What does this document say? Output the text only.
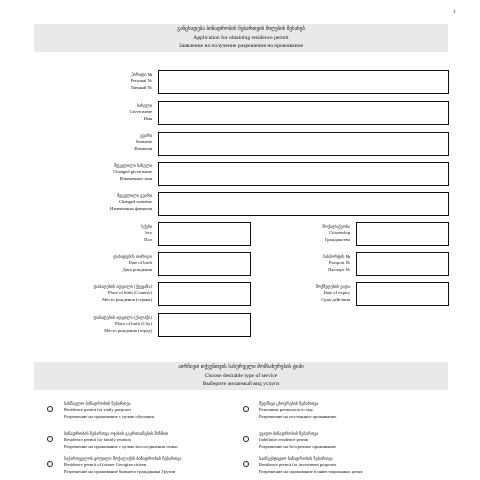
1
განცხადება ბინადრობის ნებართვის მიღების შესახებ
Application for obtaining residence permit
Заявление на получение разрешения на проживание
პირადი №
Personal №
Личный №
სახელი
Given name
Имя
გვარი
Surname
Фамилия
შეცვლილი სახელი
Changed given name
Измененное имя
შეცვლილი გვარი
Changed surname
Измененная фамилия
სქესი
Sex
Пол
მოქალაქეობა
Citizenship
Гражданство
დაბადების თარიღი
Date of birth
Дата рождения
პასპორტის №
Passport №
Паспорт №
დაბადების ადგილი (ქვეყანა)
Place of birth (Country)
Место рождения (страна)
მოქმედების ვადა
Date of expiry
Срок действия
დაბადების ადგილი (ქალაქი)
Place of birth (City)
Место рождения (город)
აირჩიეთ თქვენთვის სასურველი მომსახურების ტიპი
Choose desirable type of service
Выберите желаемый вид услуги
სასწავლო ბინადრობის ნებართვა
Residence permit for study purposes
Разрешение на проживание с целью обучения
მუდმივი ცხოვრების ნებართვა
Permanent permission to stay
Разрешение на постоянное проживание
ბინადრობის ნებართვა ოჯახის გაერთიანების მიზნით
Residence permit for family reunion
Разрешение на проживание с целью воссоединения семьи
უვადო ბინადრობის ნებართვა
Indefinite residence permit
Разрешение на бессрочное проживание
საქართველოს ყოფილი მოქალაქის ბინადრობის ნებართვა
Residence permit of former Georgian citizen
Разрешение на проживание бывшего гражданина Грузии
საინვესტიციო ბინადრობის ნებართვა
Residence permit for investment purposes
Разрешение на проживание в инвестиционных целях
